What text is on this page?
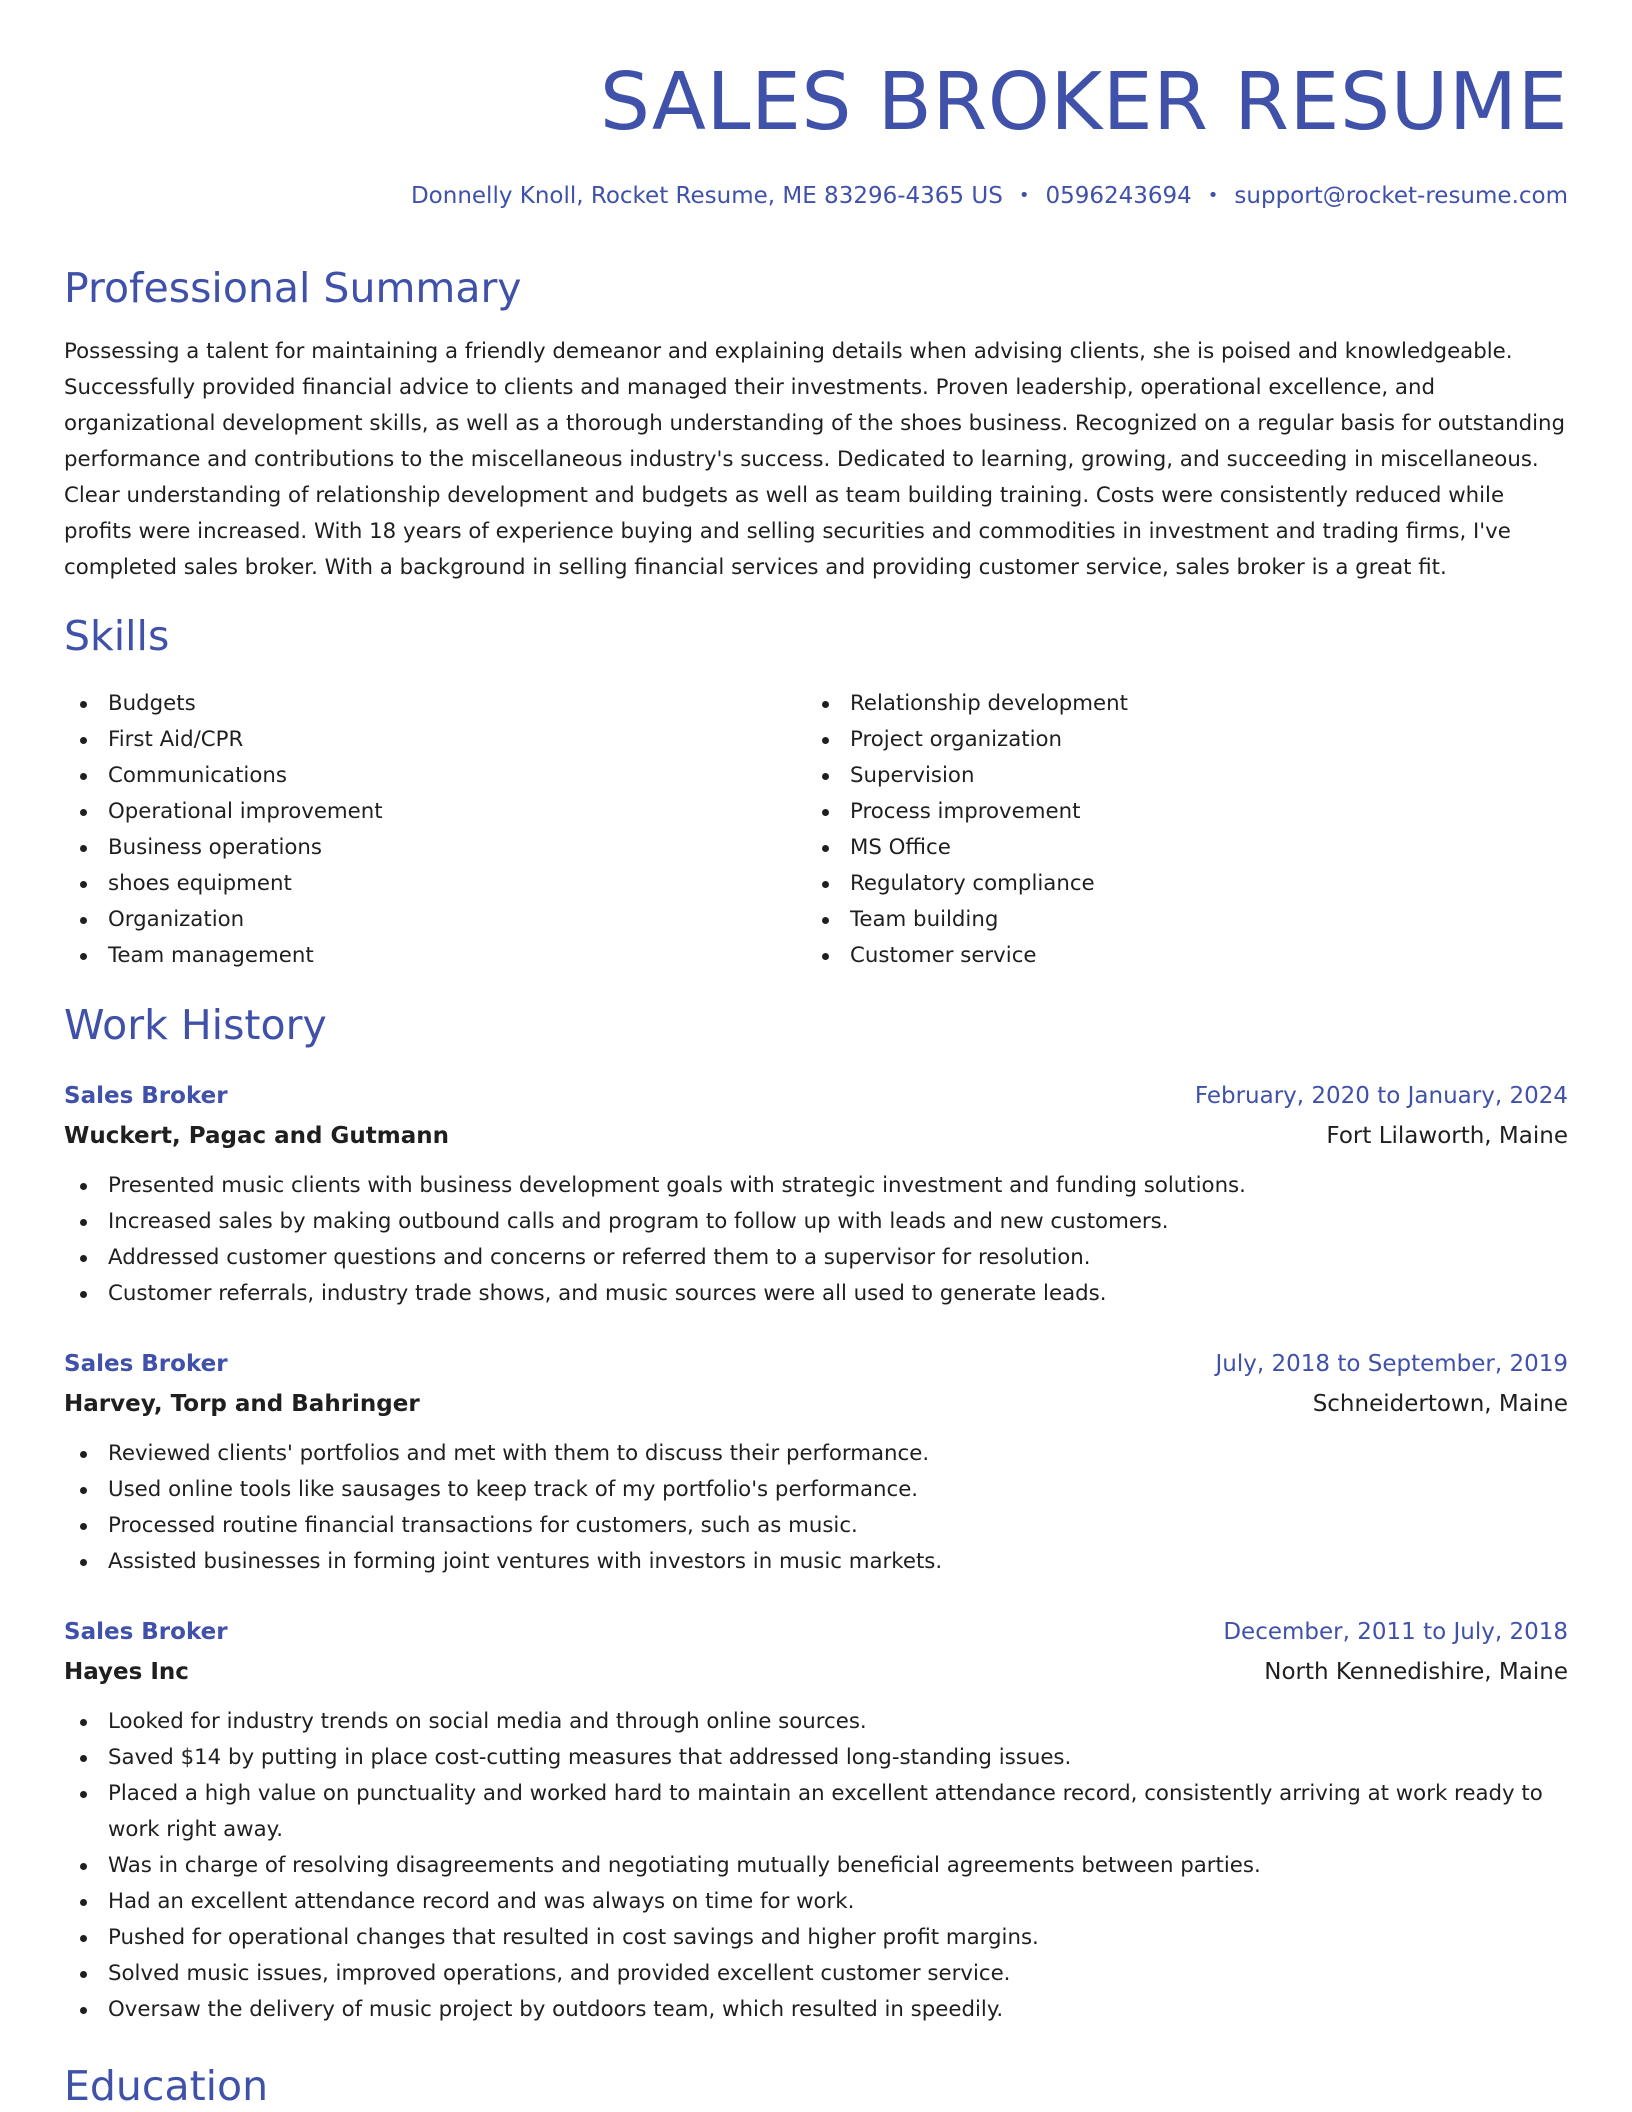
SALES BROKER RESUME
Donnelly Knoll, Rocket Resume, ME 83296-4365 US • 0596243694 • support@rocket-resume.com
Professional Summary

Possessing a talent for maintaining a friendly demeanor and explaining details when advising clients, she is poised and knowledgeable. Successfully provided financial advice to clients and managed their investments. Proven leadership, operational excellence, and organizational development skills, as well as a thorough understanding of the shoes business. Recognized on a regular basis for outstanding performance and contributions to the miscellaneous industry's success. Dedicated to learning, growing, and succeeding in miscellaneous. Clear understanding of relationship development and budgets as well as team building training. Costs were consistently reduced while profits were increased. With 18 years of experience buying and selling securities and commodities in investment and trading firms, I've completed sales broker. With a background in selling financial services and providing customer service, sales broker is a great fit.

Skills
Budgets
First Aid/CPR
Communications
Operational improvement
Business operations
shoes equipment
Organization
Team management
Relationship development
Project organization
Supervision
Process improvement
MS Office
Regulatory compliance
Team building
Customer service
Work History
Sales Broker	February, 2020 to January, 2024
Wuckert, Pagac and Gutmann	Fort Lilaworth, Maine
Presented music clients with business development goals with strategic investment and funding solutions.
Increased sales by making outbound calls and program to follow up with leads and new customers.
Addressed customer questions and concerns or referred them to a supervisor for resolution.
Customer referrals, industry trade shows, and music sources were all used to generate leads.
Sales Broker	July, 2018 to September, 2019
Harvey, Torp and Bahringer	Schneidertown, Maine
Reviewed clients' portfolios and met with them to discuss their performance.
Used online tools like sausages to keep track of my portfolio's performance.
Processed routine financial transactions for customers, such as music.
Assisted businesses in forming joint ventures with investors in music markets.
Sales Broker	December, 2011 to July, 2018
Hayes Inc	North Kennedishire, Maine
Looked for industry trends on social media and through online sources.
Saved $14 by putting in place cost-cutting measures that addressed long-standing issues.
Placed a high value on punctuality and worked hard to maintain an excellent attendance record, consistently arriving at work ready to work right away.
Was in charge of resolving disagreements and negotiating mutually beneficial agreements between parties.
Had an excellent attendance record and was always on time for work.
Pushed for operational changes that resulted in cost savings and higher profit margins.
Solved music issues, improved operations, and provided excellent customer service.
Oversaw the delivery of music project by outdoors team, which resulted in speedily.
Education
